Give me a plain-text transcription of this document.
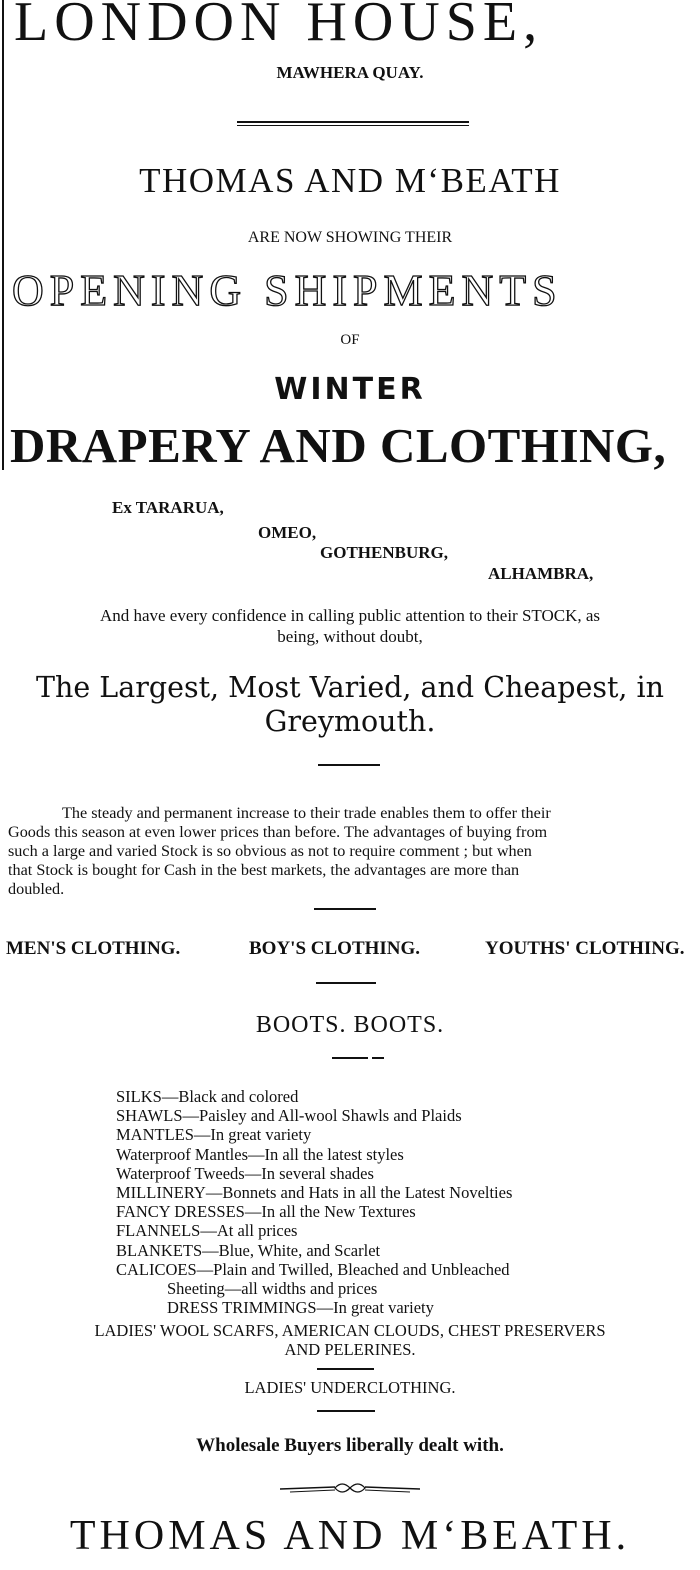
LONDON HOUSE,
MAWHERA QUAY.
THOMAS AND M‘BEATH
ARE NOW SHOWING THEIR
OPENING SHIPMENTS
OF
WINTER
DRAPERY AND CLOTHING,
Ex TARARUA,
OMEO,
GOTHENBURG,
ALHAMBRA,
And have every confidence in calling public attention to their STOCK, as
being, without doubt,
The Largest, Most Varied, and Cheapest, in
Greymouth.
The steady and permanent increase to their trade enables them to offer their
Goods this season at even lower prices than before. The advantages of buying from
such a large and varied Stock is so obvious as not to require comment ; but when
that Stock is bought for Cash in the best markets, the advantages are more than
doubled.
MEN'S CLOTHING.	BOY'S CLOTHING.	YOUTHS' CLOTHING.
BOOTS. BOOTS.
SILKS—Black and colored
SHAWLS—Paisley and All-wool Shawls and Plaids
MANTLES—In great variety
Waterproof Mantles—In all the latest styles
Waterproof Tweeds—In several shades
MILLINERY—Bonnets and Hats in all the Latest Novelties
FANCY DRESSES—In all the New Textures
FLANNELS—At all prices
BLANKETS—Blue, White, and Scarlet
CALICOES—Plain and Twilled, Bleached and Unbleached
Sheeting—all widths and prices
DRESS TRIMMINGS—In great variety
LADIES' WOOL SCARFS, AMERICAN CLOUDS, CHEST PRESERVERS
AND PELERINES.
LADIES' UNDERCLOTHING.
Wholesale Buyers liberally dealt with.
THOMAS AND M‘BEATH.
